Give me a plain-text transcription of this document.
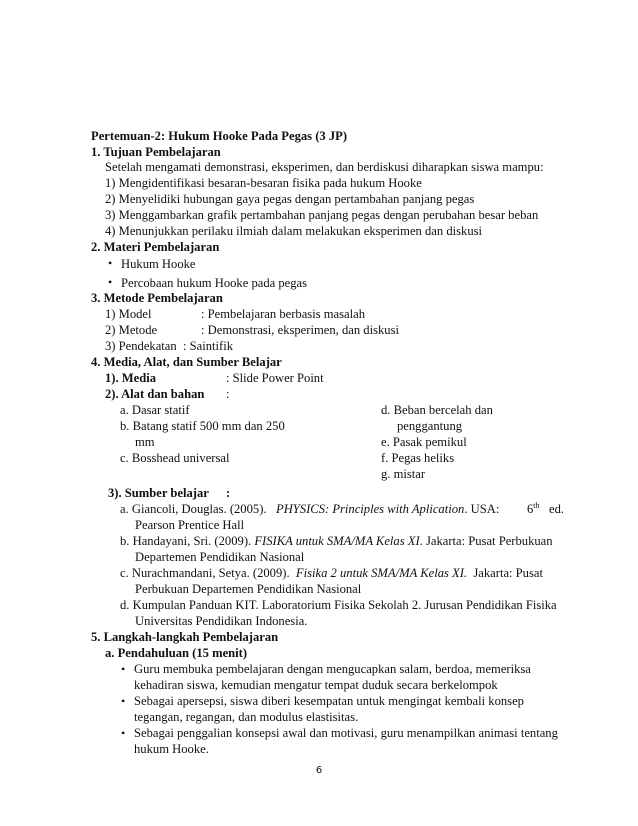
Pertemuan-2: Hukum Hooke Pada Pegas (3 JP)
1. Tujuan Pembelajaran
Setelah mengamati demonstrasi, eksperimen, dan berdiskusi diharapkan siswa mampu:
1) Mengidentifikasi besaran-besaran fisika pada hukum Hooke
2) Menyelidiki hubungan gaya pegas dengan pertambahan panjang pegas
3) Menggambarkan grafik pertambahan panjang pegas dengan perubahan besar beban
4) Menunjukkan perilaku ilmiah dalam melakukan eksperimen dan diskusi
2. Materi Pembelajaran
• Hukum Hooke
• Percobaan hukum Hooke pada pegas
3. Metode Pembelajaran
1) Model	: Pembelajaran berbasis masalah
2) Metode	: Demonstrasi, eksperimen, dan diskusi
3) Pendekatan : Saintifik
4. Media, Alat, dan Sumber Belajar
1). Media	: Slide Power Point
2). Alat dan bahan :
a. Dasar statif
b. Batang statif 500 mm dan 250
mm
c. Bosshead universal
d. Beban bercelah dan
penggantung
e. Pasak pemikul
f. Pegas heliks
g. mistar
3). Sumber belajar :
a. Giancoli, Douglas. (2005). PHYSICS: Principles with Aplication. USA: 6th ed.
Pearson Prentice Hall
b. Handayani, Sri. (2009). FISIKA untuk SMA/MA Kelas XI. Jakarta: Pusat Perbukuan
Departemen Pendidikan Nasional
c. Nurachmandani, Setya. (2009). Fisika 2 untuk SMA/MA Kelas XI. Jakarta: Pusat
Perbukuan Departemen Pendidikan Nasional
d. Kumpulan Panduan KIT. Laboratorium Fisika Sekolah 2. Jurusan Pendidikan Fisika
Universitas Pendidikan Indonesia.
5. Langkah-langkah Pembelajaran
a. Pendahuluan (15 menit)
• Guru membuka pembelajaran dengan mengucapkan salam, berdoa, memeriksa
kehadiran siswa, kemudian mengatur tempat duduk secara berkelompok
• Sebagai apersepsi, siswa diberi kesempatan untuk mengingat kembali konsep
tegangan, regangan, dan modulus elastisitas.
• Sebagai penggalian konsepsi awal dan motivasi, guru menampilkan animasi tentang
hukum Hooke.
6
